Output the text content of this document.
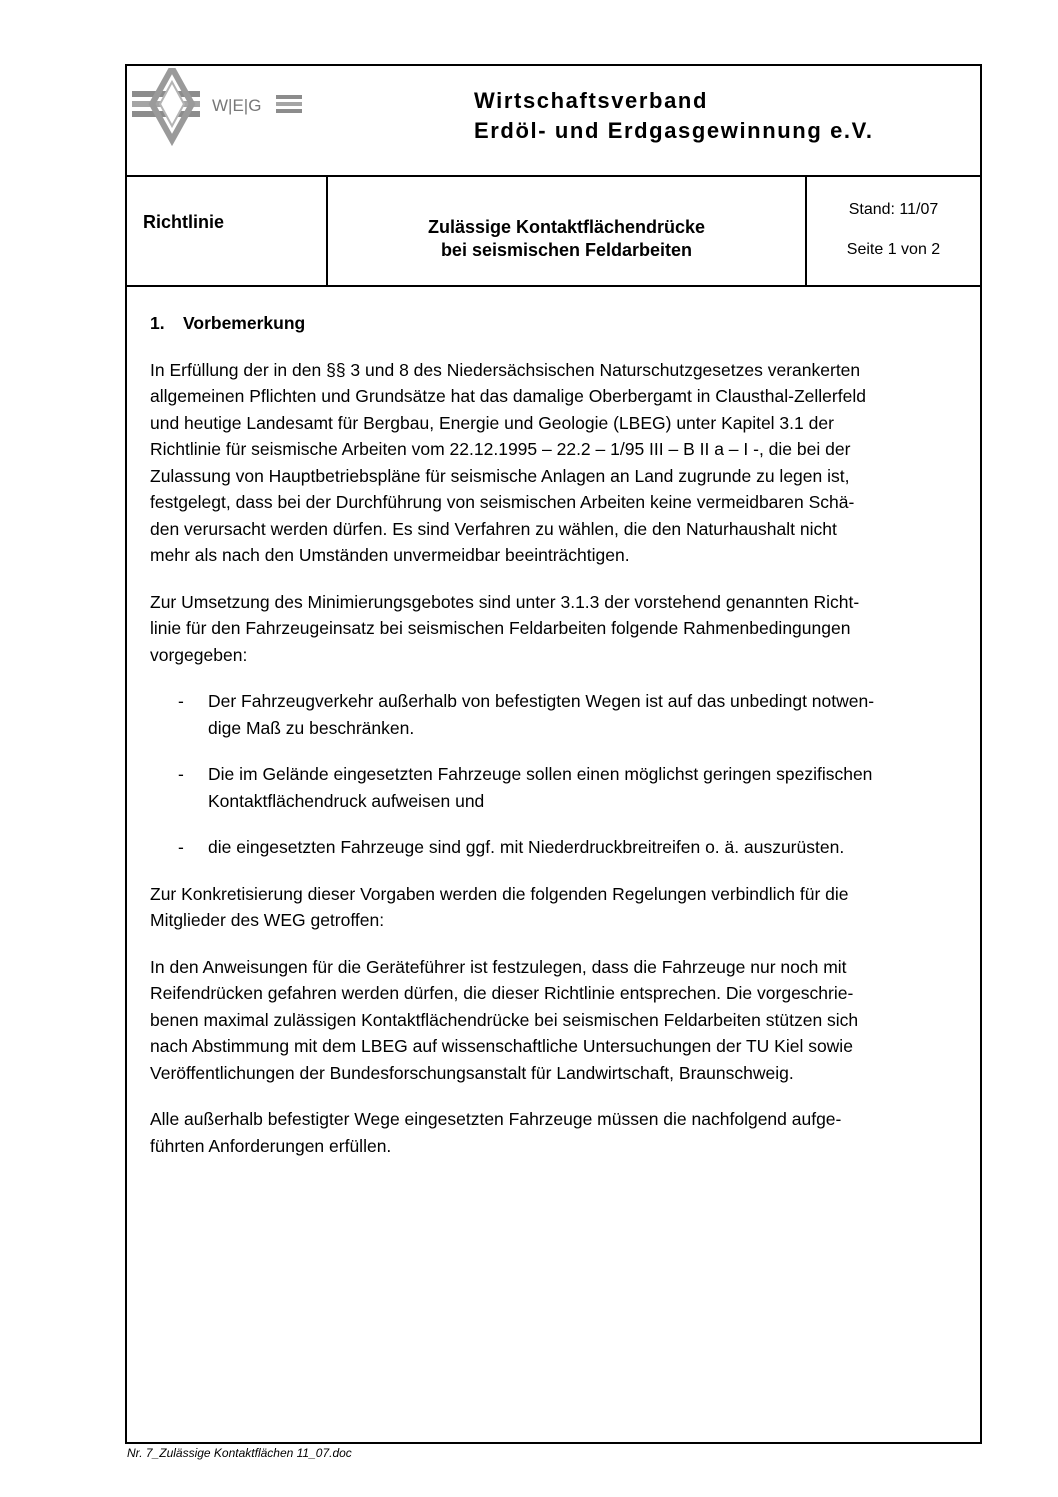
W|E|G	Wirtschaftsverband
Erdöl- und Erdgasgewinnung e.V.
Richtlinie	Zulässige Kontaktflächendrücke
bei seismischen Feldarbeiten
Stand: 11/07
Seite 1 von 2
1. Vorbemerkung
In Erfüllung der in den §§ 3 und 8 des Niedersächsischen Naturschutzgesetzes verankerten
allgemeinen Pflichten und Grundsätze hat das damalige Oberbergamt in Clausthal-Zellerfeld
und heutige Landesamt für Bergbau, Energie und Geologie (LBEG) unter Kapitel 3.1 der
Richtlinie für seismische Arbeiten vom 22.12.1995 – 22.2 – 1/95 III – B II a – I -, die bei der
Zulassung von Hauptbetriebspläne für seismische Anlagen an Land zugrunde zu legen ist,
festgelegt, dass bei der Durchführung von seismischen Arbeiten keine vermeidbaren Schä-
den verursacht werden dürfen. Es sind Verfahren zu wählen, die den Naturhaushalt nicht
mehr als nach den Umständen unvermeidbar beeinträchtigen.
Zur Umsetzung des Minimierungsgebotes sind unter 3.1.3 der vorstehend genannten Richt-
linie für den Fahrzeugeinsatz bei seismischen Feldarbeiten folgende Rahmenbedingungen
vorgegeben:
- Der Fahrzeugverkehr außerhalb von befestigten Wegen ist auf das unbedingt notwen-
dige Maß zu beschränken.
- Die im Gelände eingesetzten Fahrzeuge sollen einen möglichst geringen spezifischen
Kontaktflächendruck aufweisen und
- die eingesetzten Fahrzeuge sind ggf. mit Niederdruckbreitreifen o. ä. auszurüsten.
Zur Konkretisierung dieser Vorgaben werden die folgenden Regelungen verbindlich für die
Mitglieder des WEG getroffen:
In den Anweisungen für die Geräteführer ist festzulegen, dass die Fahrzeuge nur noch mit
Reifendrücken gefahren werden dürfen, die dieser Richtlinie entsprechen. Die vorgeschrie-
benen maximal zulässigen Kontaktflächendrücke bei seismischen Feldarbeiten stützen sich
nach Abstimmung mit dem LBEG auf wissenschaftliche Untersuchungen der TU Kiel sowie
Veröffentlichungen der Bundesforschungsanstalt für Landwirtschaft, Braunschweig.
Alle außerhalb befestigter Wege eingesetzten Fahrzeuge müssen die nachfolgend aufge-
führten Anforderungen erfüllen.
Nr. 7_Zulässige Kontaktflächen 11_07.doc
